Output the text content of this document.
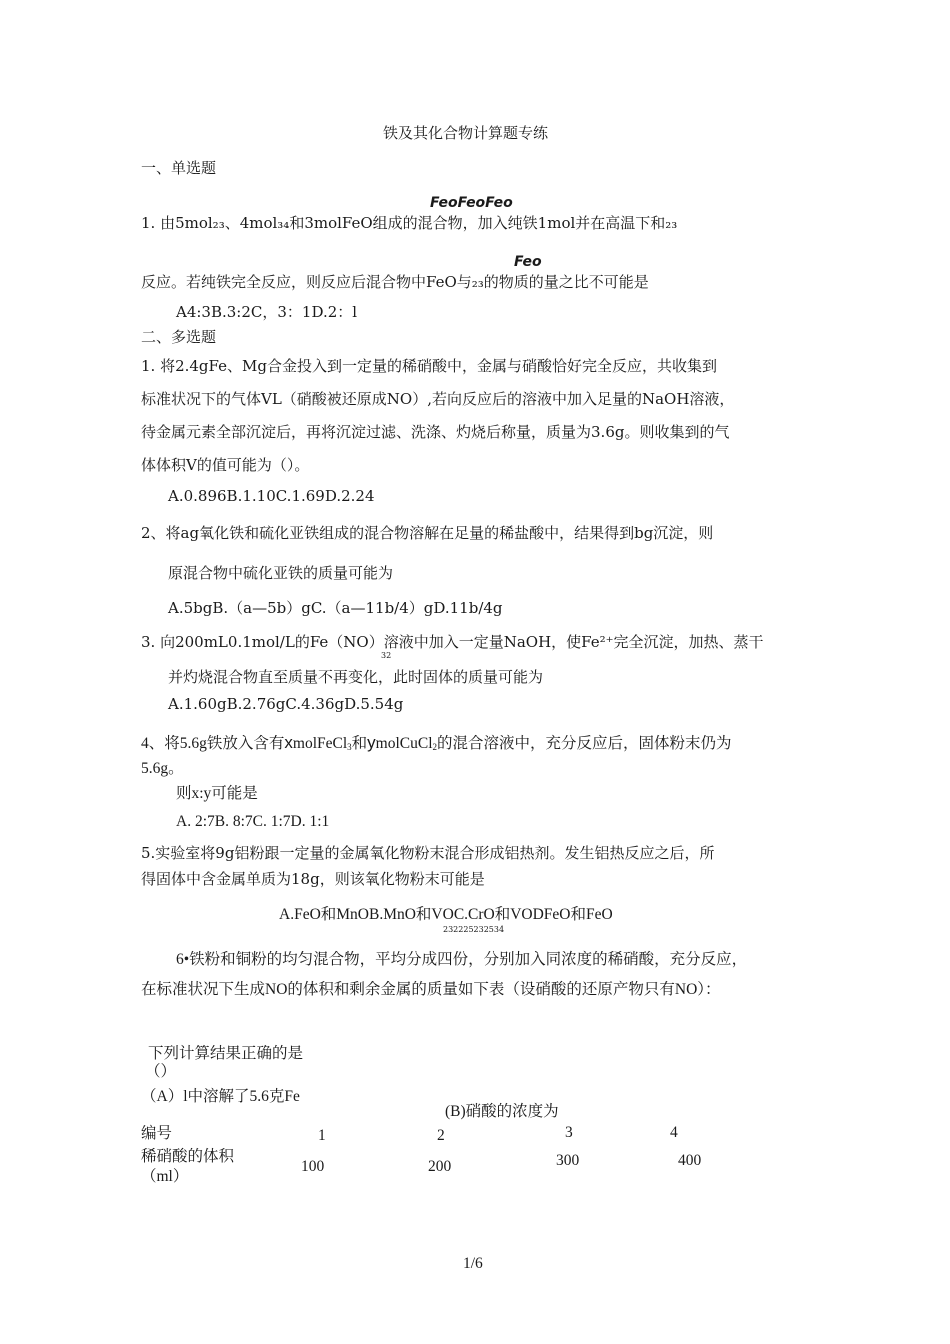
铁及其化合物计算题专练
一、单选题
FeoFeoFeo
1. 由5mol₂₃、4mol₃₄和3molFeO组成的混合物，加入纯铁1mol并在高温下和₂₃
Feo
反应。若纯铁完全反应，则反应后混合物中FeO与₂₃的物质的量之比不可能是
A4:3B.3:2C，3：1D.2：l
二、多选题
1. 将2.4gFe、Mg合金投入到一定量的稀硝酸中，金属与硝酸恰好完全反应，共收集到
标准状况下的气体VL（硝酸被还原成NO）,若向反应后的溶液中加入足量的NaOH溶液，
待金属元素全部沉淀后，再将沉淀过滤、洗涤、灼烧后称量，质量为3.6g。则收集到的气
体体积V的值可能为（）。
A.0.896B.1.10C.1.69D.2.24
2、将ag氧化铁和硫化亚铁组成的混合物溶解在足量的稀盐酸中，结果得到bg沉淀，则
原混合物中硫化亚铁的质量可能为
A.5bgB.（a—5b）gC.（a—11b/4）gD.11b/4g
3. 向200mL0.1mol/L的Fe（NO）溶液中加入一定量NaOH，使Fe²⁺完全沉淀，加热、蒸干
32
并灼烧混合物直至质量不再变化，此时固体的质量可能为
A.1.60gB.2.76gC.4.36gD.5.54g
4、将5.6g铁放入含有xmolFeCl$_3$和ymolCuCl$_2$的混合溶液中，充分反应后，固体粉末仍为
5.6g。
则x:y可能是
A. 2:7B. 8:7C. 1:7D. 1:1
5.实验室将9g铝粉跟一定量的金属氧化物粉末混合形成铝热剂。发生铝热反应之后，所
得固体中含金属单质为18g，则该氧化物粉末可能是
A.FeO和MnOB.MnO和VOC.CrO和VODFeO和FeO
232225232534
6•铁粉和铜粉的均匀混合物，平均分成四份，分别加入同浓度的稀硝酸，充分反应，
在标准状况下生成NO的体积和剩余金属的质量如下表（设硝酸的还原产物只有NO）：
下列计算结果正确的是
（）
（A）l中溶解了5.6克Fe
(B)硝酸的浓度为
编号	1	2	3	4
稀硝酸的体积
100	200	300	400
（ml）
1/6
